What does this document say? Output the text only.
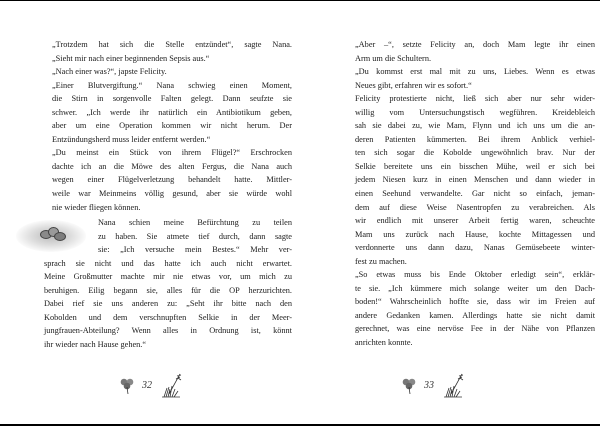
„Trotzdem hat sich die Stelle entzündet“, sagte Nana.
„Sieht mir nach einer beginnenden Sepsis aus.“

„Nach einer was?“, japste Felicity.

„Einer Blutvergiftung.“ Nana schwieg einen Moment,
die Stirn in sorgenvolle Falten gelegt. Dann seufzte sie
schwer. „Ich werde ihr natürlich ein Antibiotikum geben,
aber um eine Operation kommen wir nicht herum. Der
Entzündungsherd muss leider entfernt werden.“

„Du meinst ein Stück von ihrem Flügel?“ Erschrocken
dachte ich an die Möwe des alten Fergus, die Nana auch
wegen einer Flügelverletzung behandelt hatte. Mittler-
weile war Meinmeins völlig gesund, aber sie würde wohl
nie wieder fliegen können.

Nana schien meine Befürchtung zu teilen
zu haben. Sie atmete tief durch, dann sagte
sie: „Ich versuche mein Bestes.“ Mehr ver-
sprach sie nicht und das hatte ich auch nicht erwartet.
Meine Großmutter machte mir nie etwas vor, um mich zu
beruhigen. Eilig begann sie, alles für die OP herzurichten.
Dabei rief sie uns anderen zu: „Seht ihr bitte nach den
Kobolden und dem verschnupften Selkie in der Meer-
jungfrauen-Abteilung? Wenn alles in Ordnung ist, könnt
ihr wieder nach Hause gehen.“

32

„Aber –“, setzte Felicity an, doch Mam legte ihr einen
Arm um die Schultern.

„Du kommst erst mal mit zu uns, Liebes. Wenn es etwas
Neues gibt, erfahren wir es sofort.“

Felicity protestierte nicht, ließ sich aber nur sehr wider-
willig vom Untersuchungstisch wegführen. Kreidebleich
sah sie dabei zu, wie Mam, Flynn und ich uns um die an-
deren Patienten kümmerten. Bei ihrem Anblick verhiel-
ten sich sogar die Kobolde ungewöhnlich brav. Nur der
Selkie bereitete uns ein bisschen Mühe, weil er sich bei
jedem Niesen kurz in einen Menschen und dann wieder in
einen Seehund verwandelte. Gar nicht so einfach, jeman-
dem auf diese Weise Nasentropfen zu verabreichen. Als
wir endlich mit unserer Arbeit fertig waren, scheuchte
Mam uns zurück nach Hause, kochte Mittagessen und
verdonnerte uns dann dazu, Nanas Gemüsebeete winter-
fest zu machen.

„So etwas muss bis Ende Oktober erledigt sein“, erklär-
te sie. „Ich kümmere mich solange weiter um den Dach-
boden!“ Wahrscheinlich hoffte sie, dass wir im Freien auf
andere Gedanken kamen. Allerdings hatte sie nicht damit
gerechnet, was eine nervöse Fee in der Nähe von Pflanzen
anrichten konnte.

33
